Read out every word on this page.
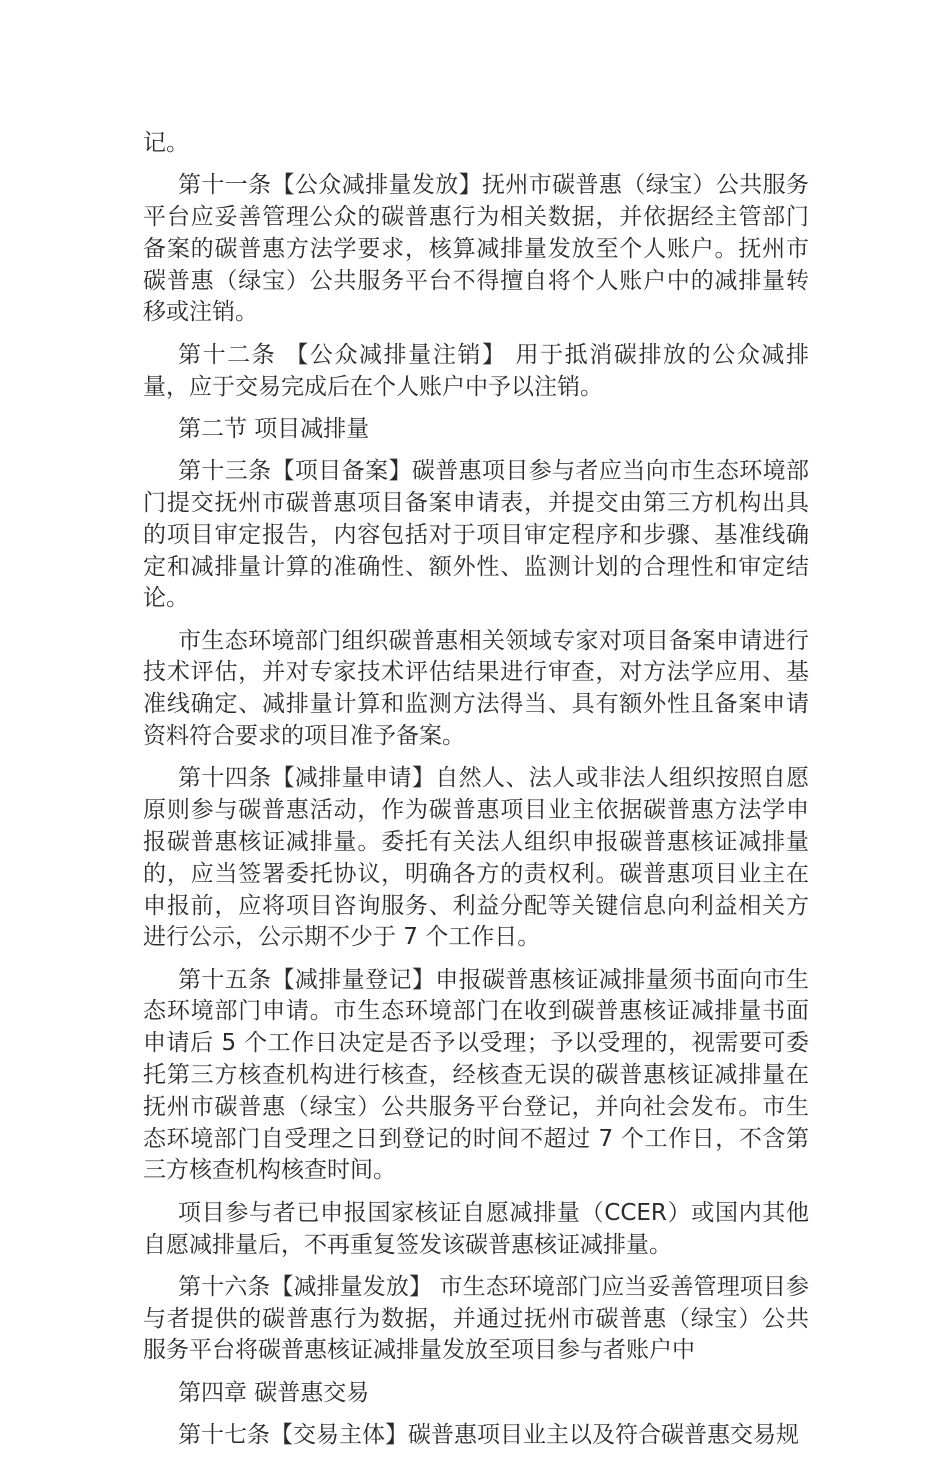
记。

第十一条【公众减排量发放】抚州市碳普惠（绿宝）公共服务平台应妥善管理公众的碳普惠行为相关数据，并依据经主管部门备案的碳普惠方法学要求，核算减排量发放至个人账户。抚州市碳普惠（绿宝）公共服务平台不得擅自将个人账户中的减排量转移或注销。

第十二条 【公众减排量注销】 用于抵消碳排放的公众减排量，应于交易完成后在个人账户中予以注销。

第二节 项目减排量

第十三条【项目备案】碳普惠项目参与者应当向市生态环境部门提交抚州市碳普惠项目备案申请表，并提交由第三方机构出具的项目审定报告，内容包括对于项目审定程序和步骤、基准线确定和减排量计算的准确性、额外性、监测计划的合理性和审定结论。

市生态环境部门组织碳普惠相关领域专家对项目备案申请进行技术评估，并对专家技术评估结果进行审查，对方法学应用、基准线确定、减排量计算和监测方法得当、具有额外性且备案申请资料符合要求的项目准予备案。

第十四条【减排量申请】自然人、法人或非法人组织按照自愿原则参与碳普惠活动，作为碳普惠项目业主依据碳普惠方法学申报碳普惠核证减排量。委托有关法人组织申报碳普惠核证减排量的，应当签署委托协议，明确各方的责权利。碳普惠项目业主在申报前，应将项目咨询服务、利益分配等关键信息向利益相关方进行公示，公示期不少于 7 个工作日。

第十五条【减排量登记】申报碳普惠核证减排量须书面向市生态环境部门申请。市生态环境部门在收到碳普惠核证减排量书面申请后 5 个工作日决定是否予以受理；予以受理的，视需要可委托第三方核查机构进行核查，经核查无误的碳普惠核证减排量在抚州市碳普惠（绿宝）公共服务平台登记，并向社会发布。市生态环境部门自受理之日到登记的时间不超过 7 个工作日，不含第三方核查机构核查时间。

项目参与者已申报国家核证自愿减排量（CCER）或国内其他自愿减排量后，不再重复签发该碳普惠核证减排量。

第十六条【减排量发放】 市生态环境部门应当妥善管理项目参与者提供的碳普惠行为数据，并通过抚州市碳普惠（绿宝）公共服务平台将碳普惠核证减排量发放至项目参与者账户中

第四章 碳普惠交易

第十七条【交易主体】碳普惠项目业主以及符合碳普惠交易规
